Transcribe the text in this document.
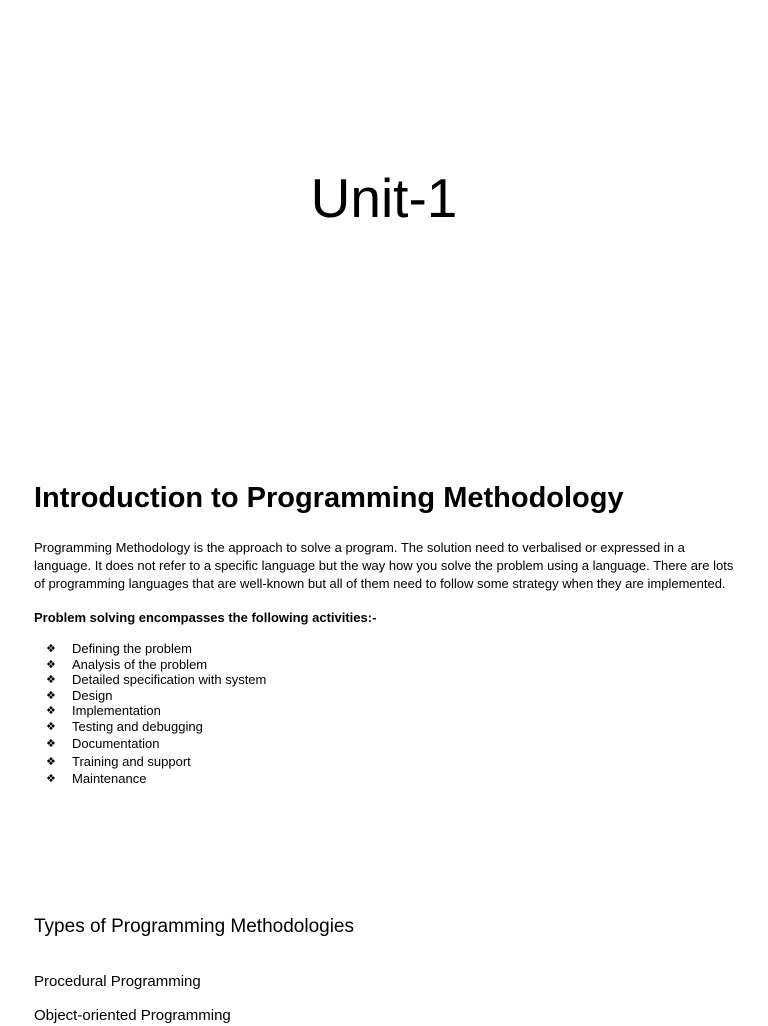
Unit-1
Introduction to Programming Methodology

Programming Methodology is the approach to solve a program. The solution need to verbalised or expressed in a language. It does not refer to a specific language but the way how you solve the problem using a language. There are lots of programming languages that are well-known but all of them need to follow some strategy when they are implemented.

Problem solving encompasses the following activities:-

❖ Defining the problem
❖ Analysis of the problem
❖ Detailed specification with system
❖ Design
❖ Implementation
❖ Testing and debugging
❖ Documentation
❖ Training and support
❖ Maintenance
Types of Programming Methodologies

Procedural Programming

Object-oriented Programming
